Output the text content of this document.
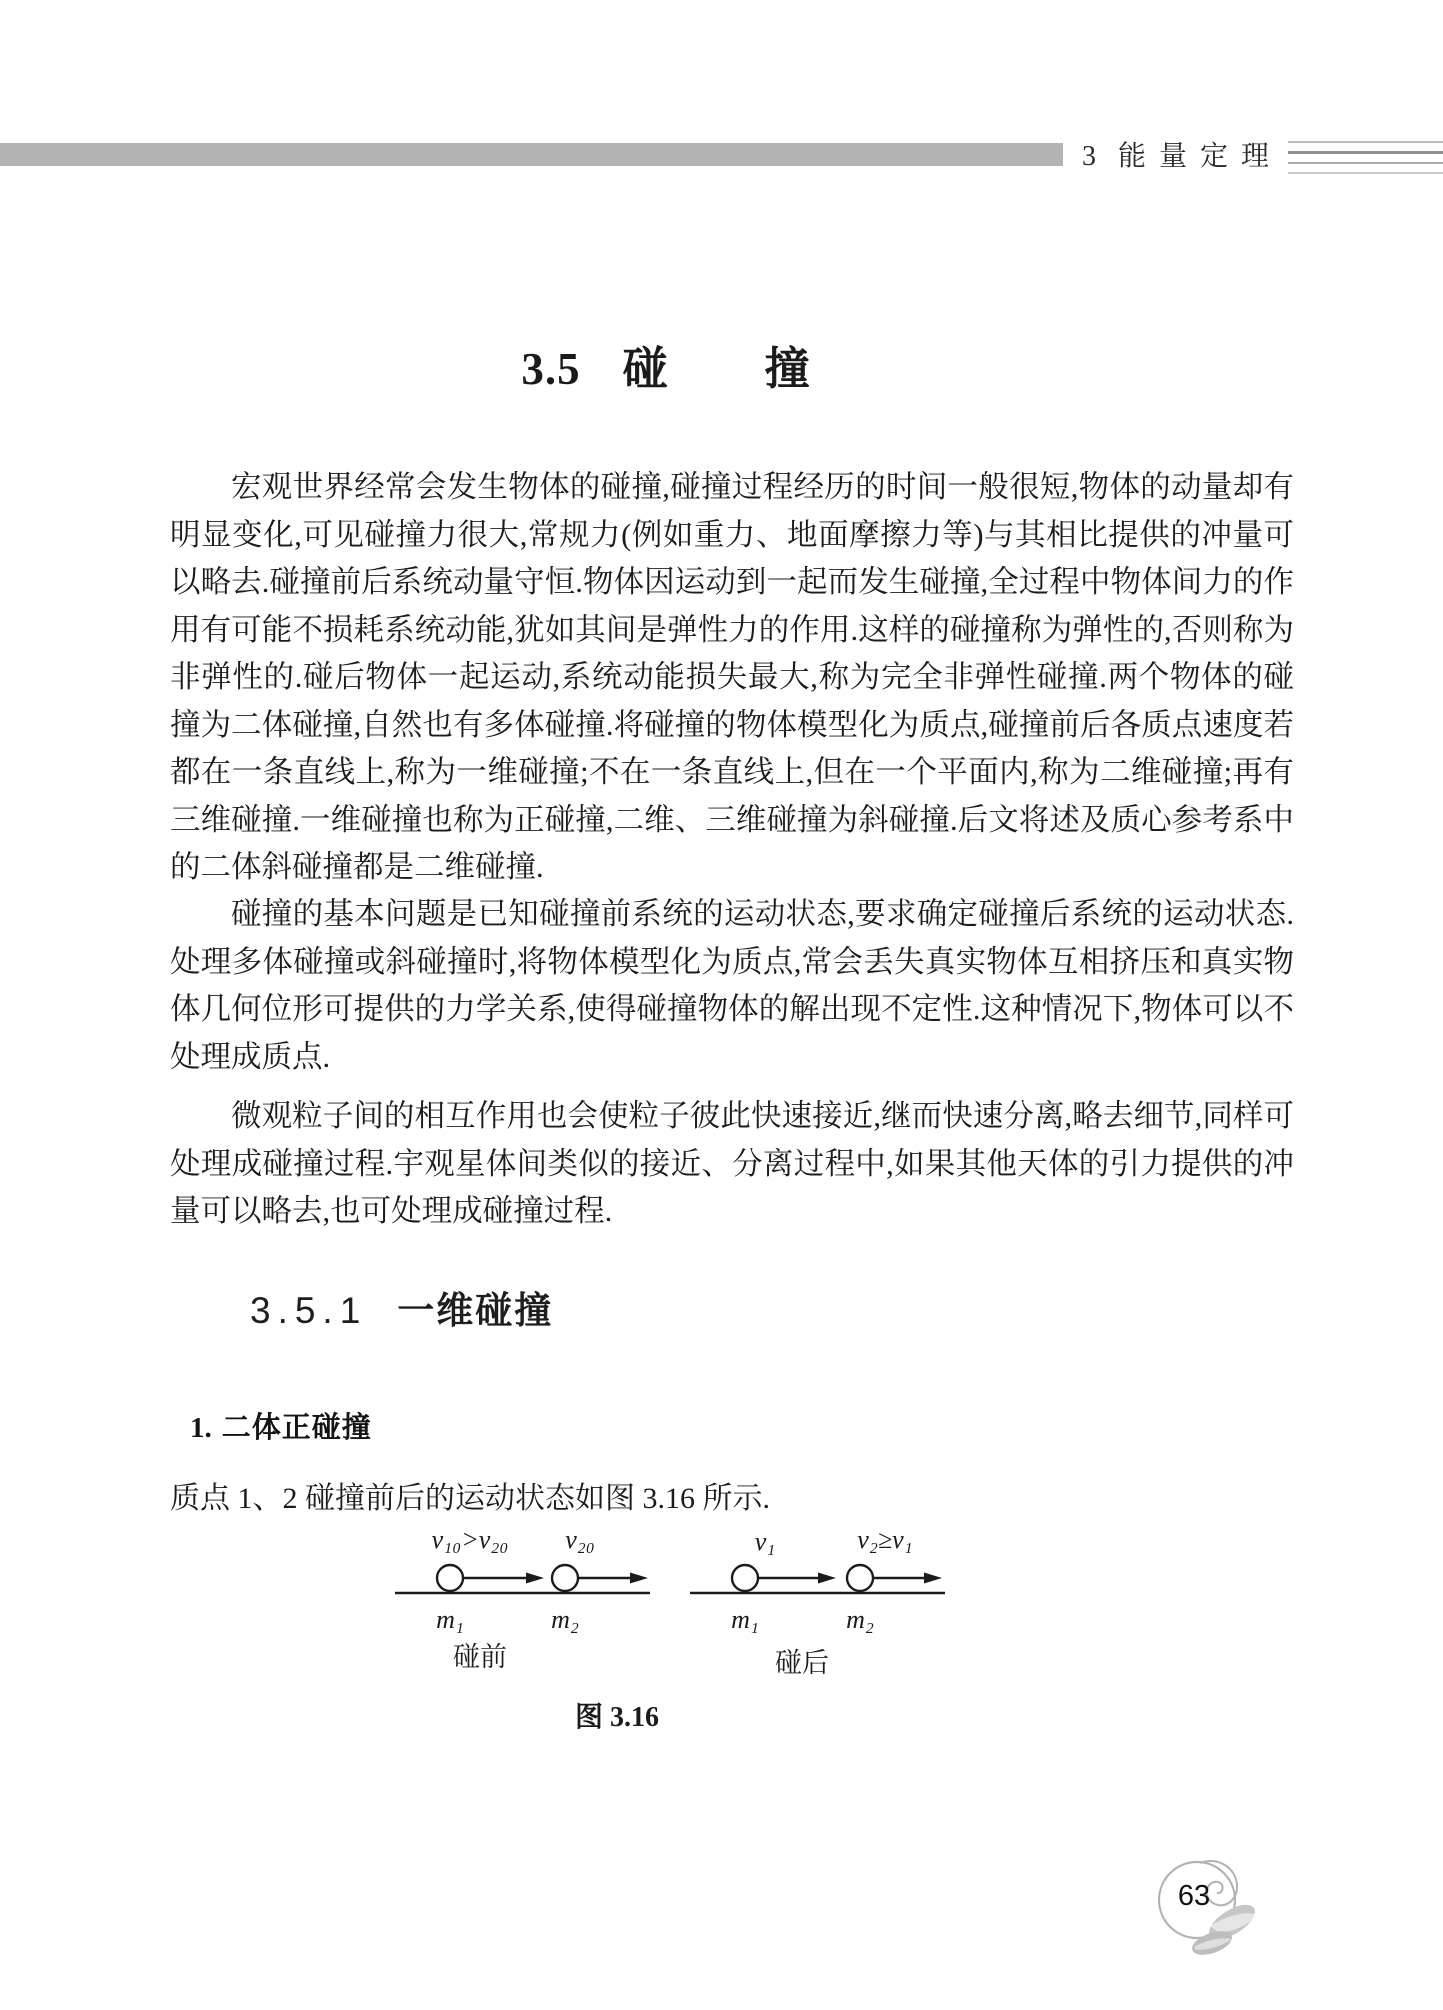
3 能量定理
3.5 碰 撞

宏观世界经常会发生物体的碰撞,碰撞过程经历的时间一般很短,物体的动量却有明显变化,可见碰撞力很大,常规力(例如重力、地面摩擦力等)与其相比提供的冲量可以略去.碰撞前后系统动量守恒.物体因运动到一起而发生碰撞,全过程中物体间力的作用有可能不损耗系统动能,犹如其间是弹性力的作用.这样的碰撞称为弹性的,否则称为非弹性的.碰后物体一起运动,系统动能损失最大,称为完全非弹性碰撞.两个物体的碰撞为二体碰撞,自然也有多体碰撞.将碰撞的物体模型化为质点,碰撞前后各质点速度若都在一条直线上,称为一维碰撞;不在一条直线上,但在一个平面内,称为二维碰撞;再有三维碰撞.一维碰撞也称为正碰撞,二维、三维碰撞为斜碰撞.后文将述及质心参考系中的二体斜碰撞都是二维碰撞.

碰撞的基本问题是已知碰撞前系统的运动状态,要求确定碰撞后系统的运动状态.处理多体碰撞或斜碰撞时,将物体模型化为质点,常会丢失真实物体互相挤压和真实物体几何位形可提供的力学关系,使得碰撞物体的解出现不定性.这种情况下,物体可以不处理成质点.

微观粒子间的相互作用也会使粒子彼此快速接近,继而快速分离,略去细节,同样可处理成碰撞过程.宇观星体间类似的接近、分离过程中,如果其他天体的引力提供的冲量可以略去,也可处理成碰撞过程.

3.5.1 一维碰撞
1. 二体正碰撞
质点 1、2 碰撞前后的运动状态如图 3.16 所示.
v₁₀>v₂₀	v₂₀	v₁	v₂≥v₁
m₁	m₂	m₁	m₂
碰前	碰后
图 3.16
63
